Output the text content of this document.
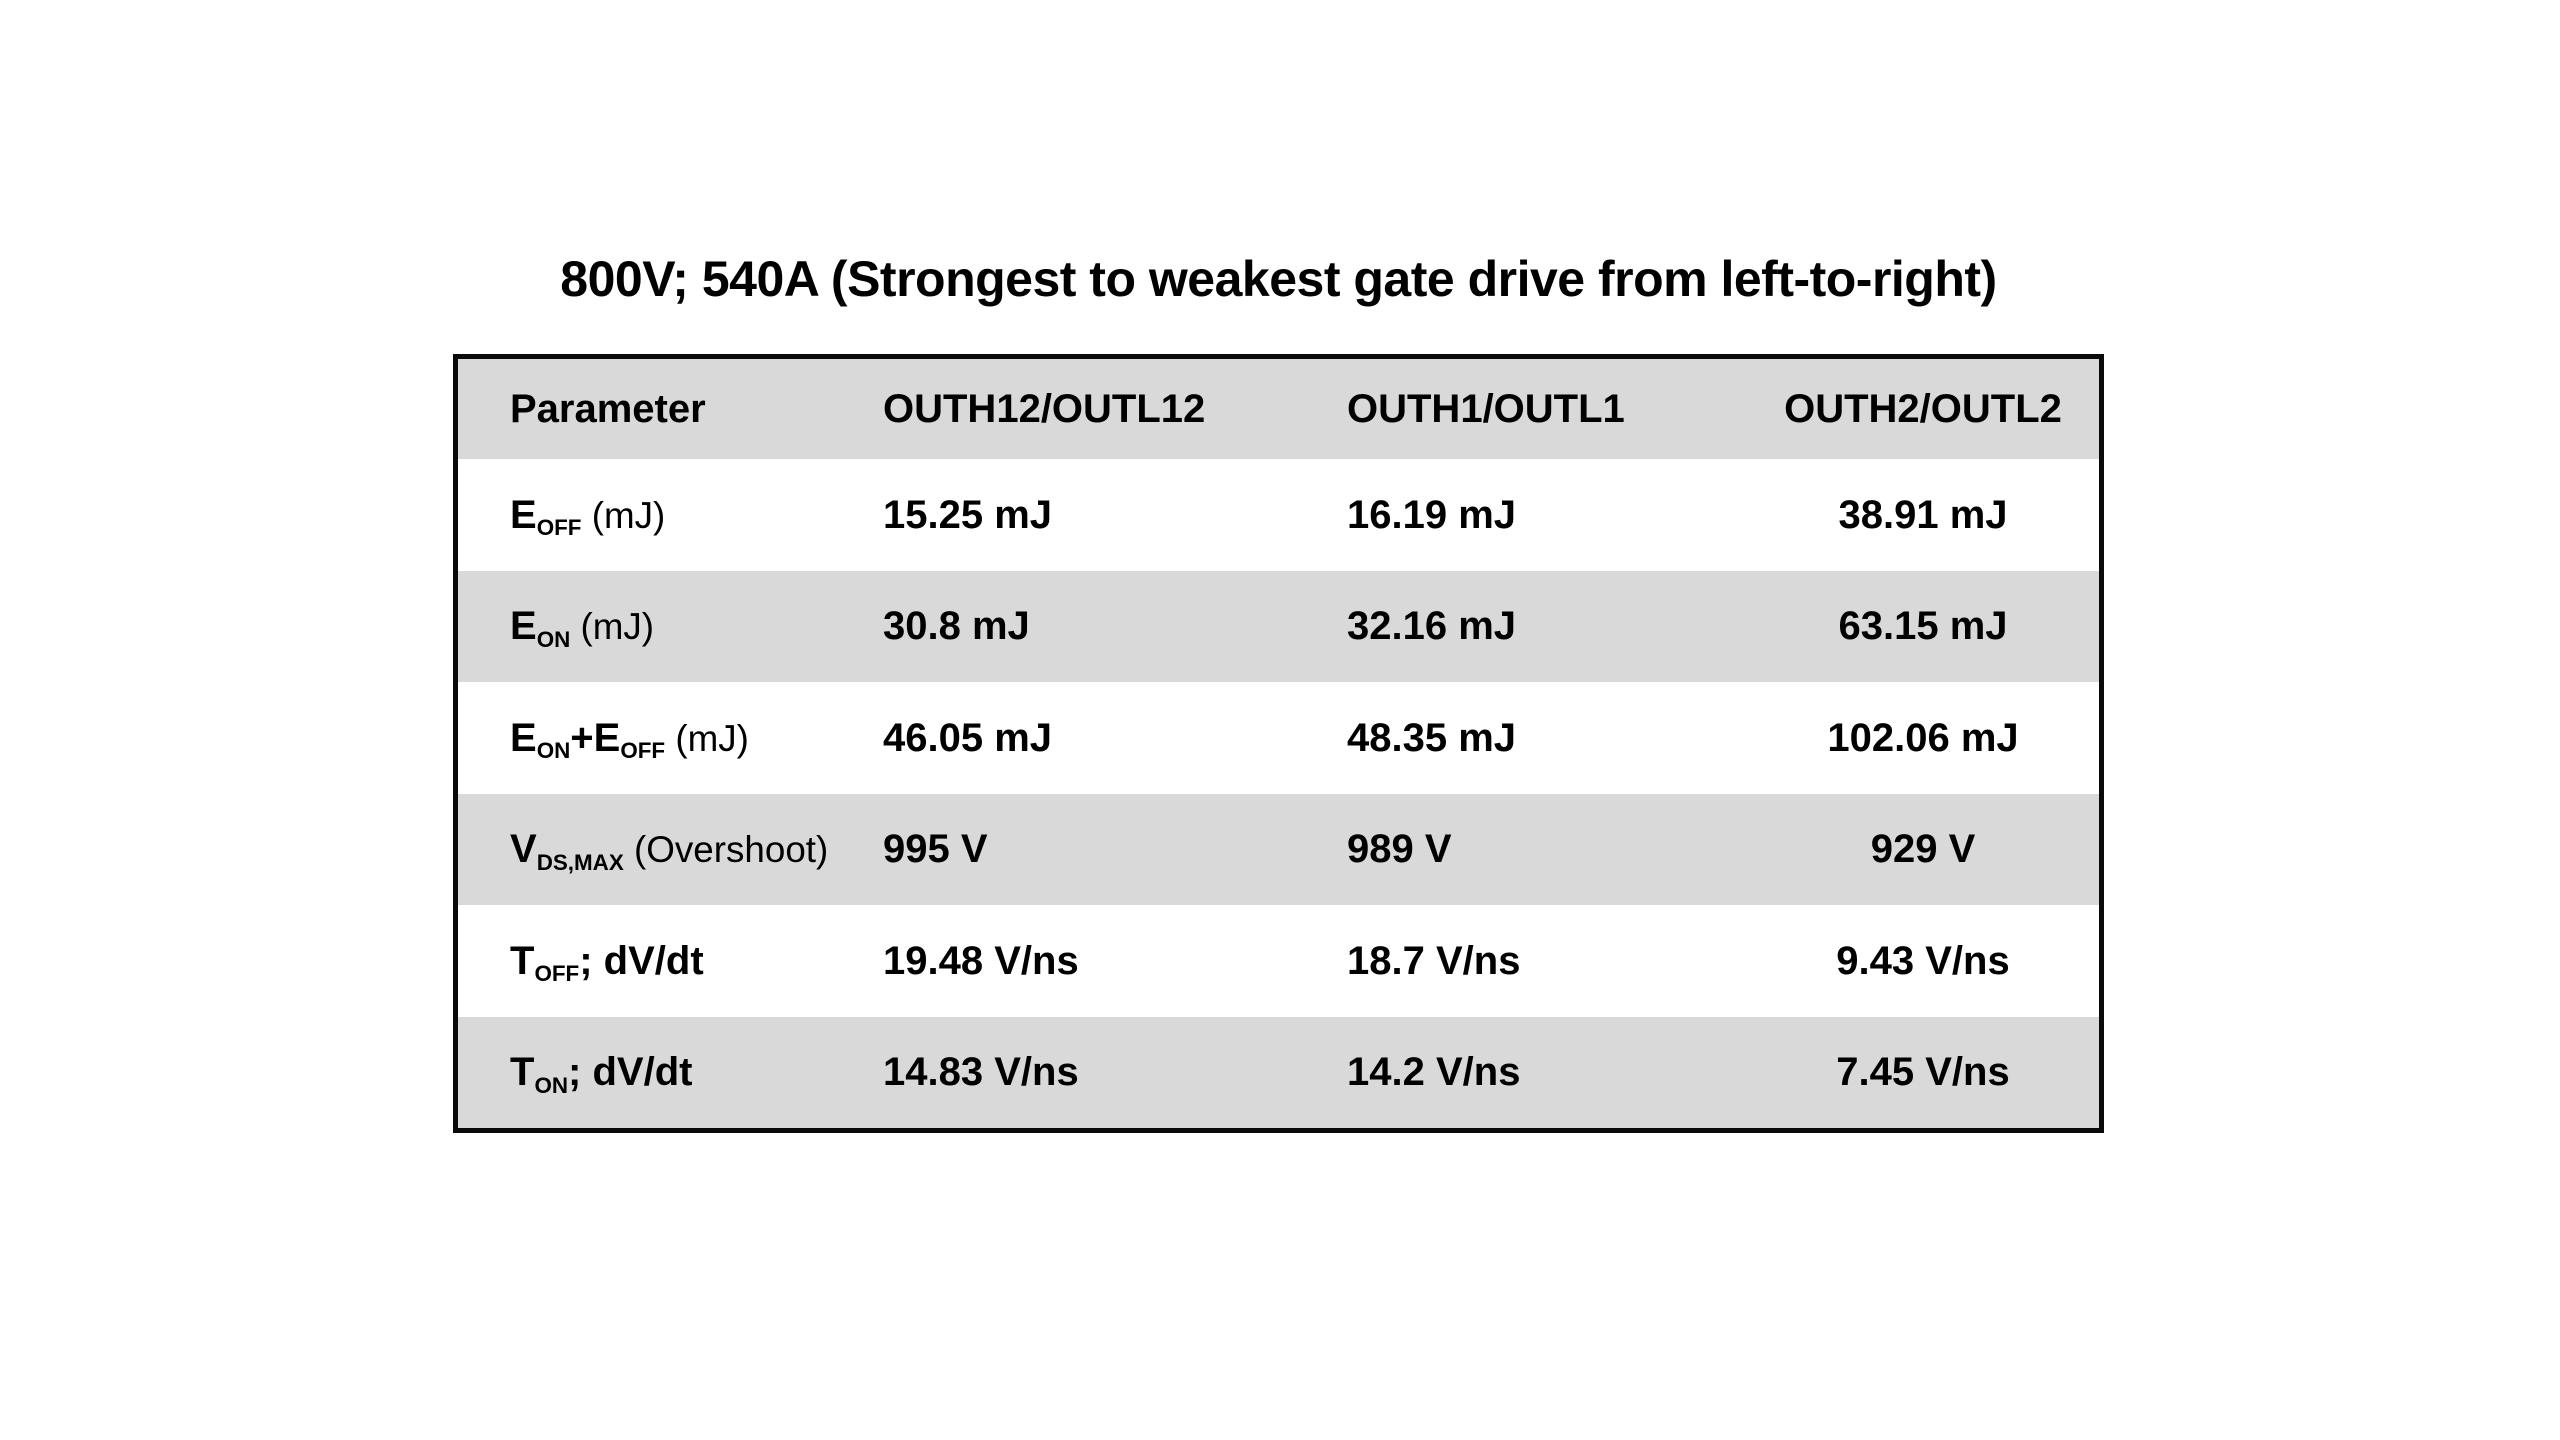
800V; 540A (Strongest to weakest gate drive from left-to-right)
Parameter	OUTH12/OUTL12	OUTH1/OUTL1	OUTH2/OUTL2
EOFF (mJ)	15.25 mJ	16.19 mJ	38.91 mJ
EON (mJ)	30.8 mJ	32.16 mJ	63.15 mJ
EON+EOFF (mJ)	46.05 mJ	48.35 mJ	102.06 mJ
VDS,MAX (Overshoot)	995 V	989 V	929 V
TOFF; dV/dt	19.48 V/ns	18.7 V/ns	9.43 V/ns
TON; dV/dt	14.83 V/ns	14.2 V/ns	7.45 V/ns
